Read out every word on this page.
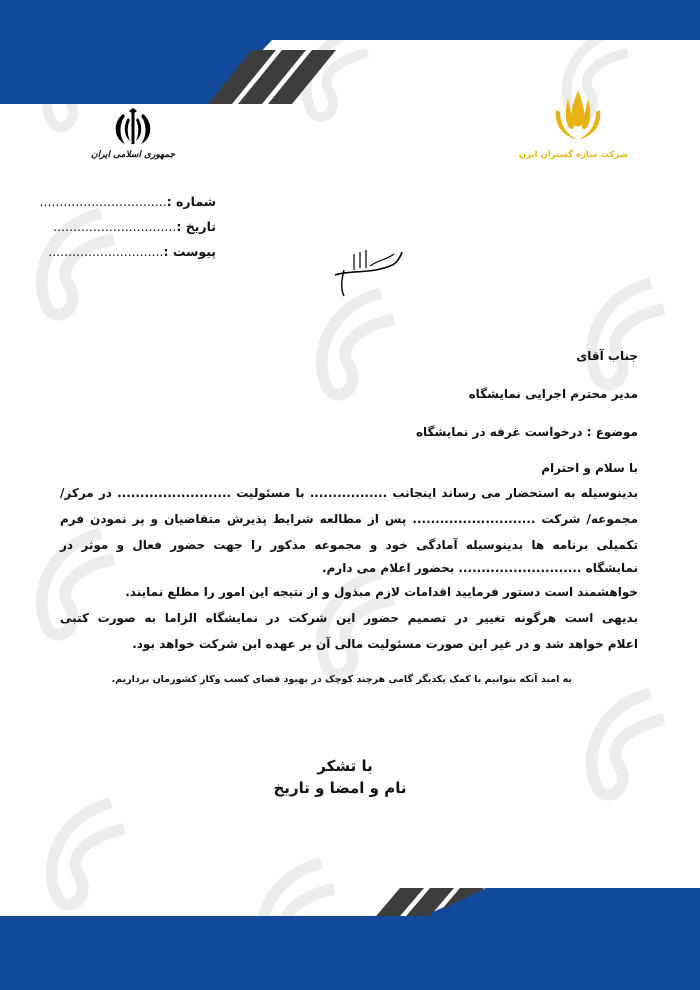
جمهوری اسلامی ایران	شرکت سازه گستران ایرن
شماره :................................
تاریخ :...............................
پیوست :.............................
جناب آقای
مدیر محترم اجرایی نمایشگاه
موضوع : درخواست غرفه در نمایشگاه
با سلام و احترام
بدینوسیله به استحضار می رساند اینجانب ................. با مسئولیت ......................... در مرکز/
مجموعه/ شرکت ........................... پس از مطالعه شرایط پذیرش متقاضیان و پر نمودن فرم
تکمیلی برنامه ها بدینوسیله آمادگی خود و مجموعه مذکور را جهت حضور فعال و موثر در
نمایشگاه ........................... بحضور اعلام می دارم.
خواهشمند است دستور فرمایید اقدامات لازم مبذول و از نتیجه این امور را مطلع نمایند.
بدیهی است هرگونه تغییر در تصمیم حضور این شرکت در نمایشگاه الزاما به صورت کتبی
اعلام خواهد شد و در غیر این صورت مسئولیت مالی آن بر عهده این شرکت خواهد بود.
به امید آنکه بتوانیم با کمک یکدیگر گامی هرچند کوچک در بهبود فضای کسب وکار کشورمان برداریم.
با تشکر
نام و امضا و تاریخ
